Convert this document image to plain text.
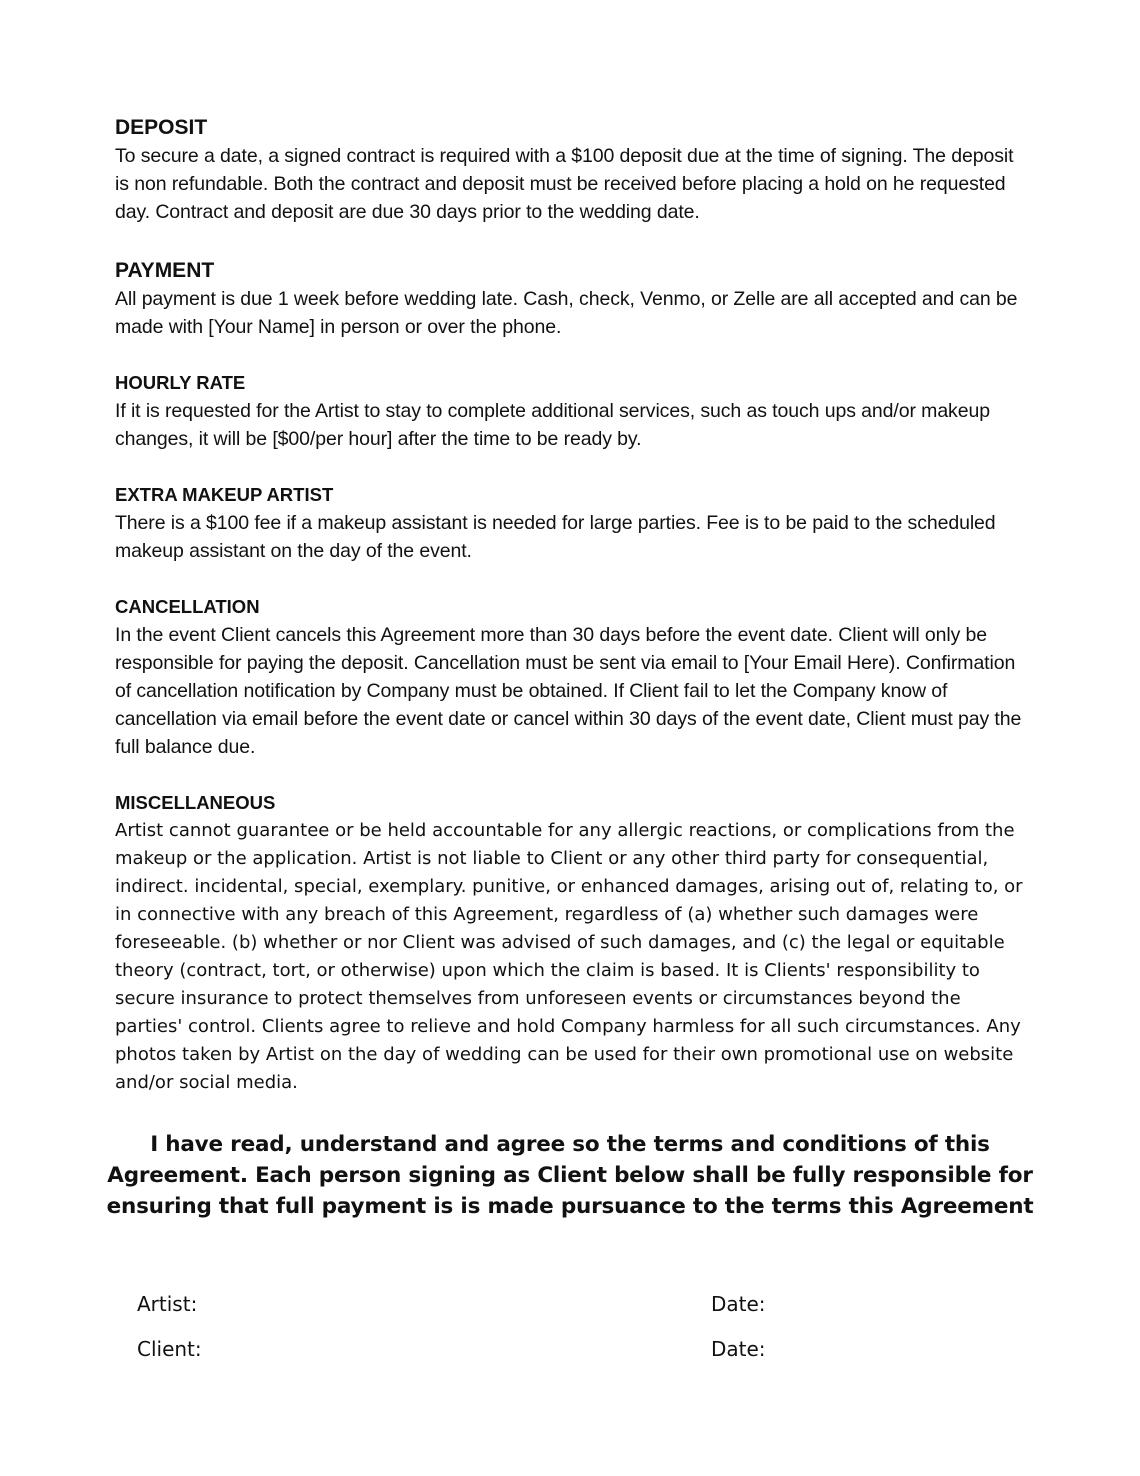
DEPOSIT

To secure a date, a signed contract is required with a $100 deposit due at the time of signing. The deposit is non refundable. Both the contract and deposit must be received before placing a hold on he requested day. Contract and deposit are due 30 days prior to the wedding date.

PAYMENT

All payment is due 1 week before wedding late. Cash, check, Venmo, or Zelle are all accepted and can be made with [Your Name] in person or over the phone.

HOURLY RATE

If it is requested for the Artist to stay to complete additional services, such as touch ups and/or makeup changes, it will be [$00/per hour] after the time to be ready by.

EXTRA MAKEUP ARTIST

There is a $100 fee if a makeup assistant is needed for large parties. Fee is to be paid to the scheduled makeup assistant on the day of the event.

CANCELLATION

In the event Client cancels this Agreement more than 30 days before the event date. Client will only be responsible for paying the deposit. Cancellation must be sent via email to [Your Email Here). Confirmation of cancellation notification by Company must be obtained. If Client fail to let the Company know of cancellation via email before the event date or cancel within 30 days of the event date, Client must pay the full balance due.

MISCELLANEOUS

Artist cannot guarantee or be held accountable for any allergic reactions, or complications from the makeup or the application. Artist is not liable to Client or any other third party for consequential, indirect. incidental, special, exemplary. punitive, or enhanced damages, arising out of, relating to, or in connective with any breach of this Agreement, regardless of (a) whether such damages were foreseeable. (b) whether or nor Client was advised of such damages, and (c) the legal or equitable theory (contract, tort, or otherwise) upon which the claim is based. It is Clients' responsibility to secure insurance to protect themselves from unforeseen events or circumstances beyond the parties' control. Clients agree to relieve and hold Company harmless for all such circumstances. Any photos taken by Artist on the day of wedding can be used for their own promotional use on website and/or social media.

I have read, understand and agree so the terms and conditions of this Agreement. Each person signing as Client below shall be fully responsible for ensuring that full payment is is made pursuance to the terms this Agreement
Artist:	Date:
Client:	Date:
